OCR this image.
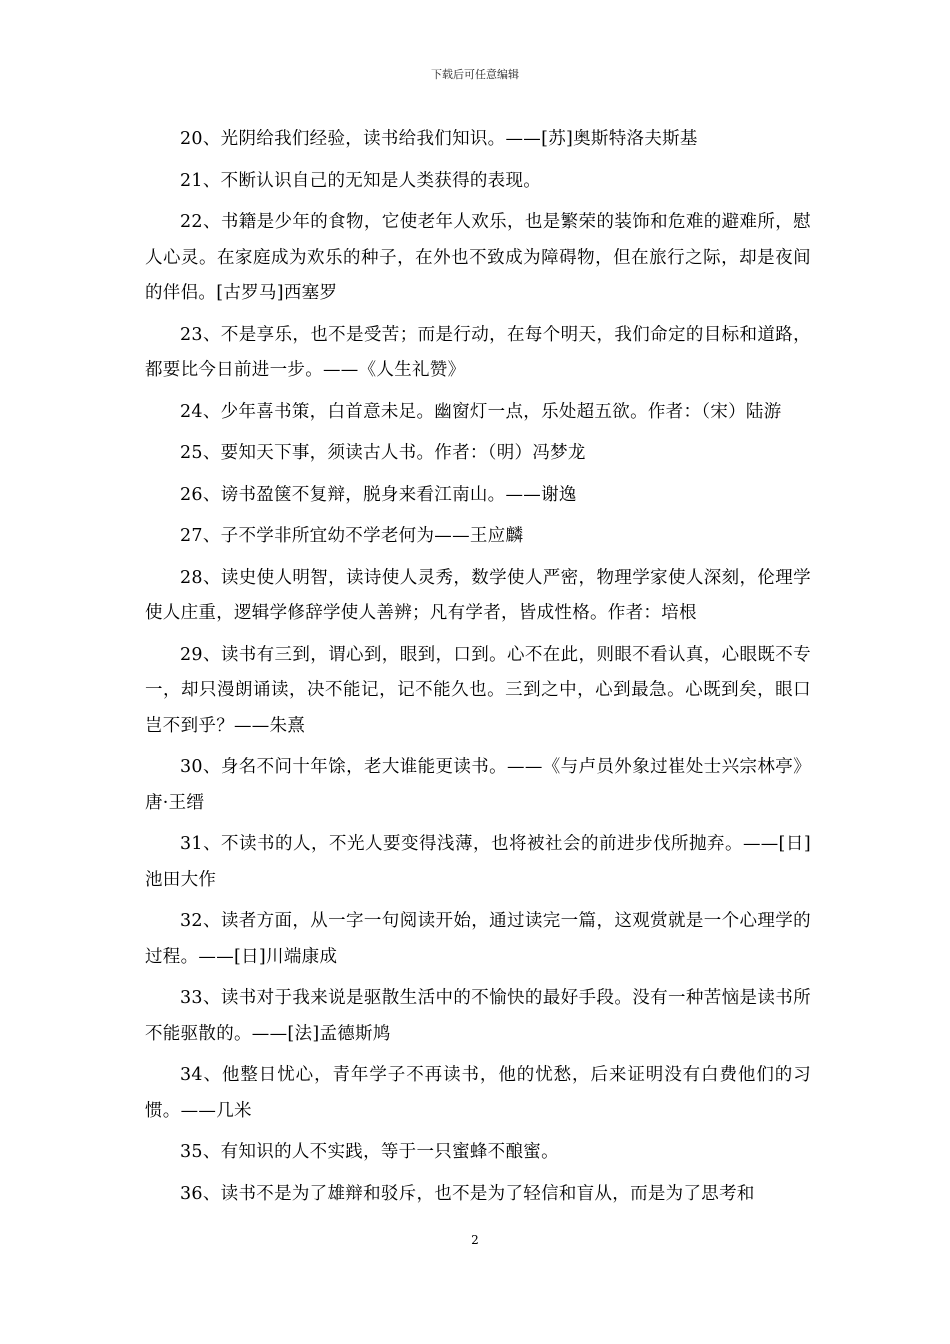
下载后可任意编辑

20、光阴给我们经验，读书给我们知识。——[苏]奥斯特洛夫斯基

21、不断认识自己的无知是人类获得的表现。

22、书籍是少年的食物，它使老年人欢乐，也是繁荣的装饰和危难的避难所，慰人心灵。在家庭成为欢乐的种子，在外也不致成为障碍物，但在旅行之际，却是夜间的伴侣。[古罗马]西塞罗

23、不是享乐，也不是受苦；而是行动，在每个明天，我们命定的目标和道路，都要比今日前进一步。——《人生礼赞》

24、少年喜书策，白首意未足。幽窗灯一点，乐处超五欲。作者：（宋）陆游

25、要知天下事，须读古人书。作者：（明）冯梦龙

26、谤书盈箧不复辩，脱身来看江南山。——谢逸

27、子不学非所宜幼不学老何为——王应麟

28、读史使人明智，读诗使人灵秀，数学使人严密，物理学家使人深刻，伦理学使人庄重，逻辑学修辞学使人善辨；凡有学者，皆成性格。作者：培根

29、读书有三到，谓心到，眼到，口到。心不在此，则眼不看认真，心眼既不专一，却只漫朗诵读，决不能记，记不能久也。三到之中，心到最急。心既到矣，眼口岂不到乎？——朱熹

30、身名不问十年馀，老大谁能更读书。——《与卢员外象过崔处士兴宗林亭》唐·王缙

31、不读书的人，不光人要变得浅薄，也将被社会的前进步伐所抛弃。——[日]池田大作

32、读者方面，从一字一句阅读开始，通过读完一篇，这观赏就是一个心理学的过程。——[日]川端康成

33、读书对于我来说是驱散生活中的不愉快的最好手段。没有一种苦恼是读书所不能驱散的。——[法]孟德斯鸠

34、他整日忧心，青年学子不再读书，他的忧愁，后来证明没有白费他们的习惯。——几米

35、有知识的人不实践，等于一只蜜蜂不酿蜜。

36、读书不是为了雄辩和驳斥，也不是为了轻信和盲从，而是为了思考和

2
